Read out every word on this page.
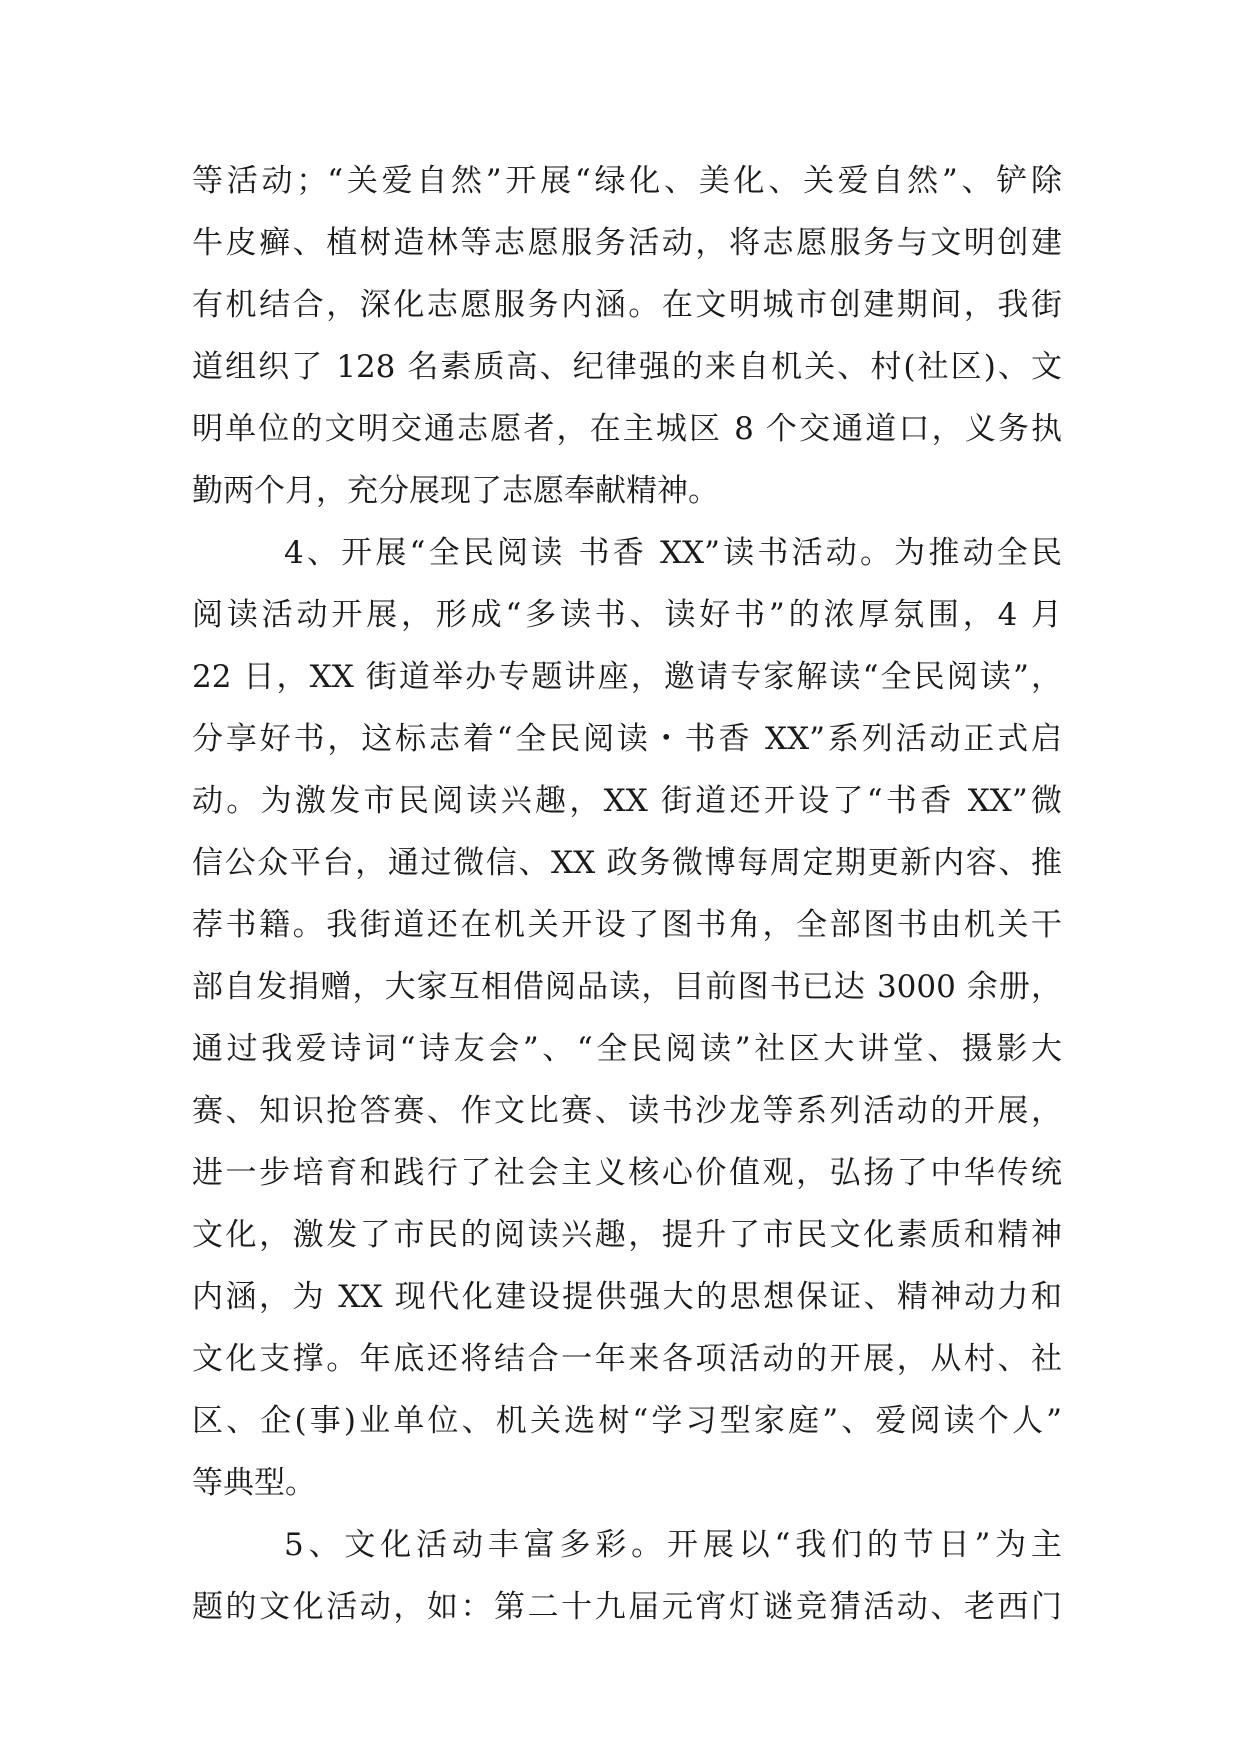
等活动；“关爱自然”开展“绿化、美化、关爱自然”、铲除
牛皮癣、植树造林等志愿服务活动，将志愿服务与文明创建
有机结合，深化志愿服务内涵。在文明城市创建期间，我街
道组织了 128 名素质高、纪律强的来自机关、村(社区)、文
明单位的文明交通志愿者，在主城区 8 个交通道口，义务执
勤两个月，充分展现了志愿奉献精神。
4、开展“全民阅读 书香 XX”读书活动。为推动全民
阅读活动开展，形成“多读书、读好书”的浓厚氛围，4 月
22 日，XX 街道举办专题讲座，邀请专家解读“全民阅读”，
分享好书，这标志着“全民阅读・书香 XX”系列活动正式启
动。为激发市民阅读兴趣，XX 街道还开设了“书香 XX”微
信公众平台，通过微信、XX 政务微博每周定期更新内容、推
荐书籍。我街道还在机关开设了图书角，全部图书由机关干
部自发捐赠，大家互相借阅品读，目前图书已达 3000 余册，
通过我爱诗词“诗友会”、“全民阅读”社区大讲堂、摄影大
赛、知识抢答赛、作文比赛、读书沙龙等系列活动的开展，
进一步培育和践行了社会主义核心价值观，弘扬了中华传统
文化，激发了市民的阅读兴趣，提升了市民文化素质和精神
内涵，为 XX 现代化建设提供强大的思想保证、精神动力和
文化支撑。年底还将结合一年来各项活动的开展，从村、社
区、企(事)业单位、机关选树“学习型家庭”、爱阅读个人”
等典型。
5、文化活动丰富多彩。开展以“我们的节日”为主
题的文化活动，如：第二十九届元宵灯谜竞猜活动、老西门
